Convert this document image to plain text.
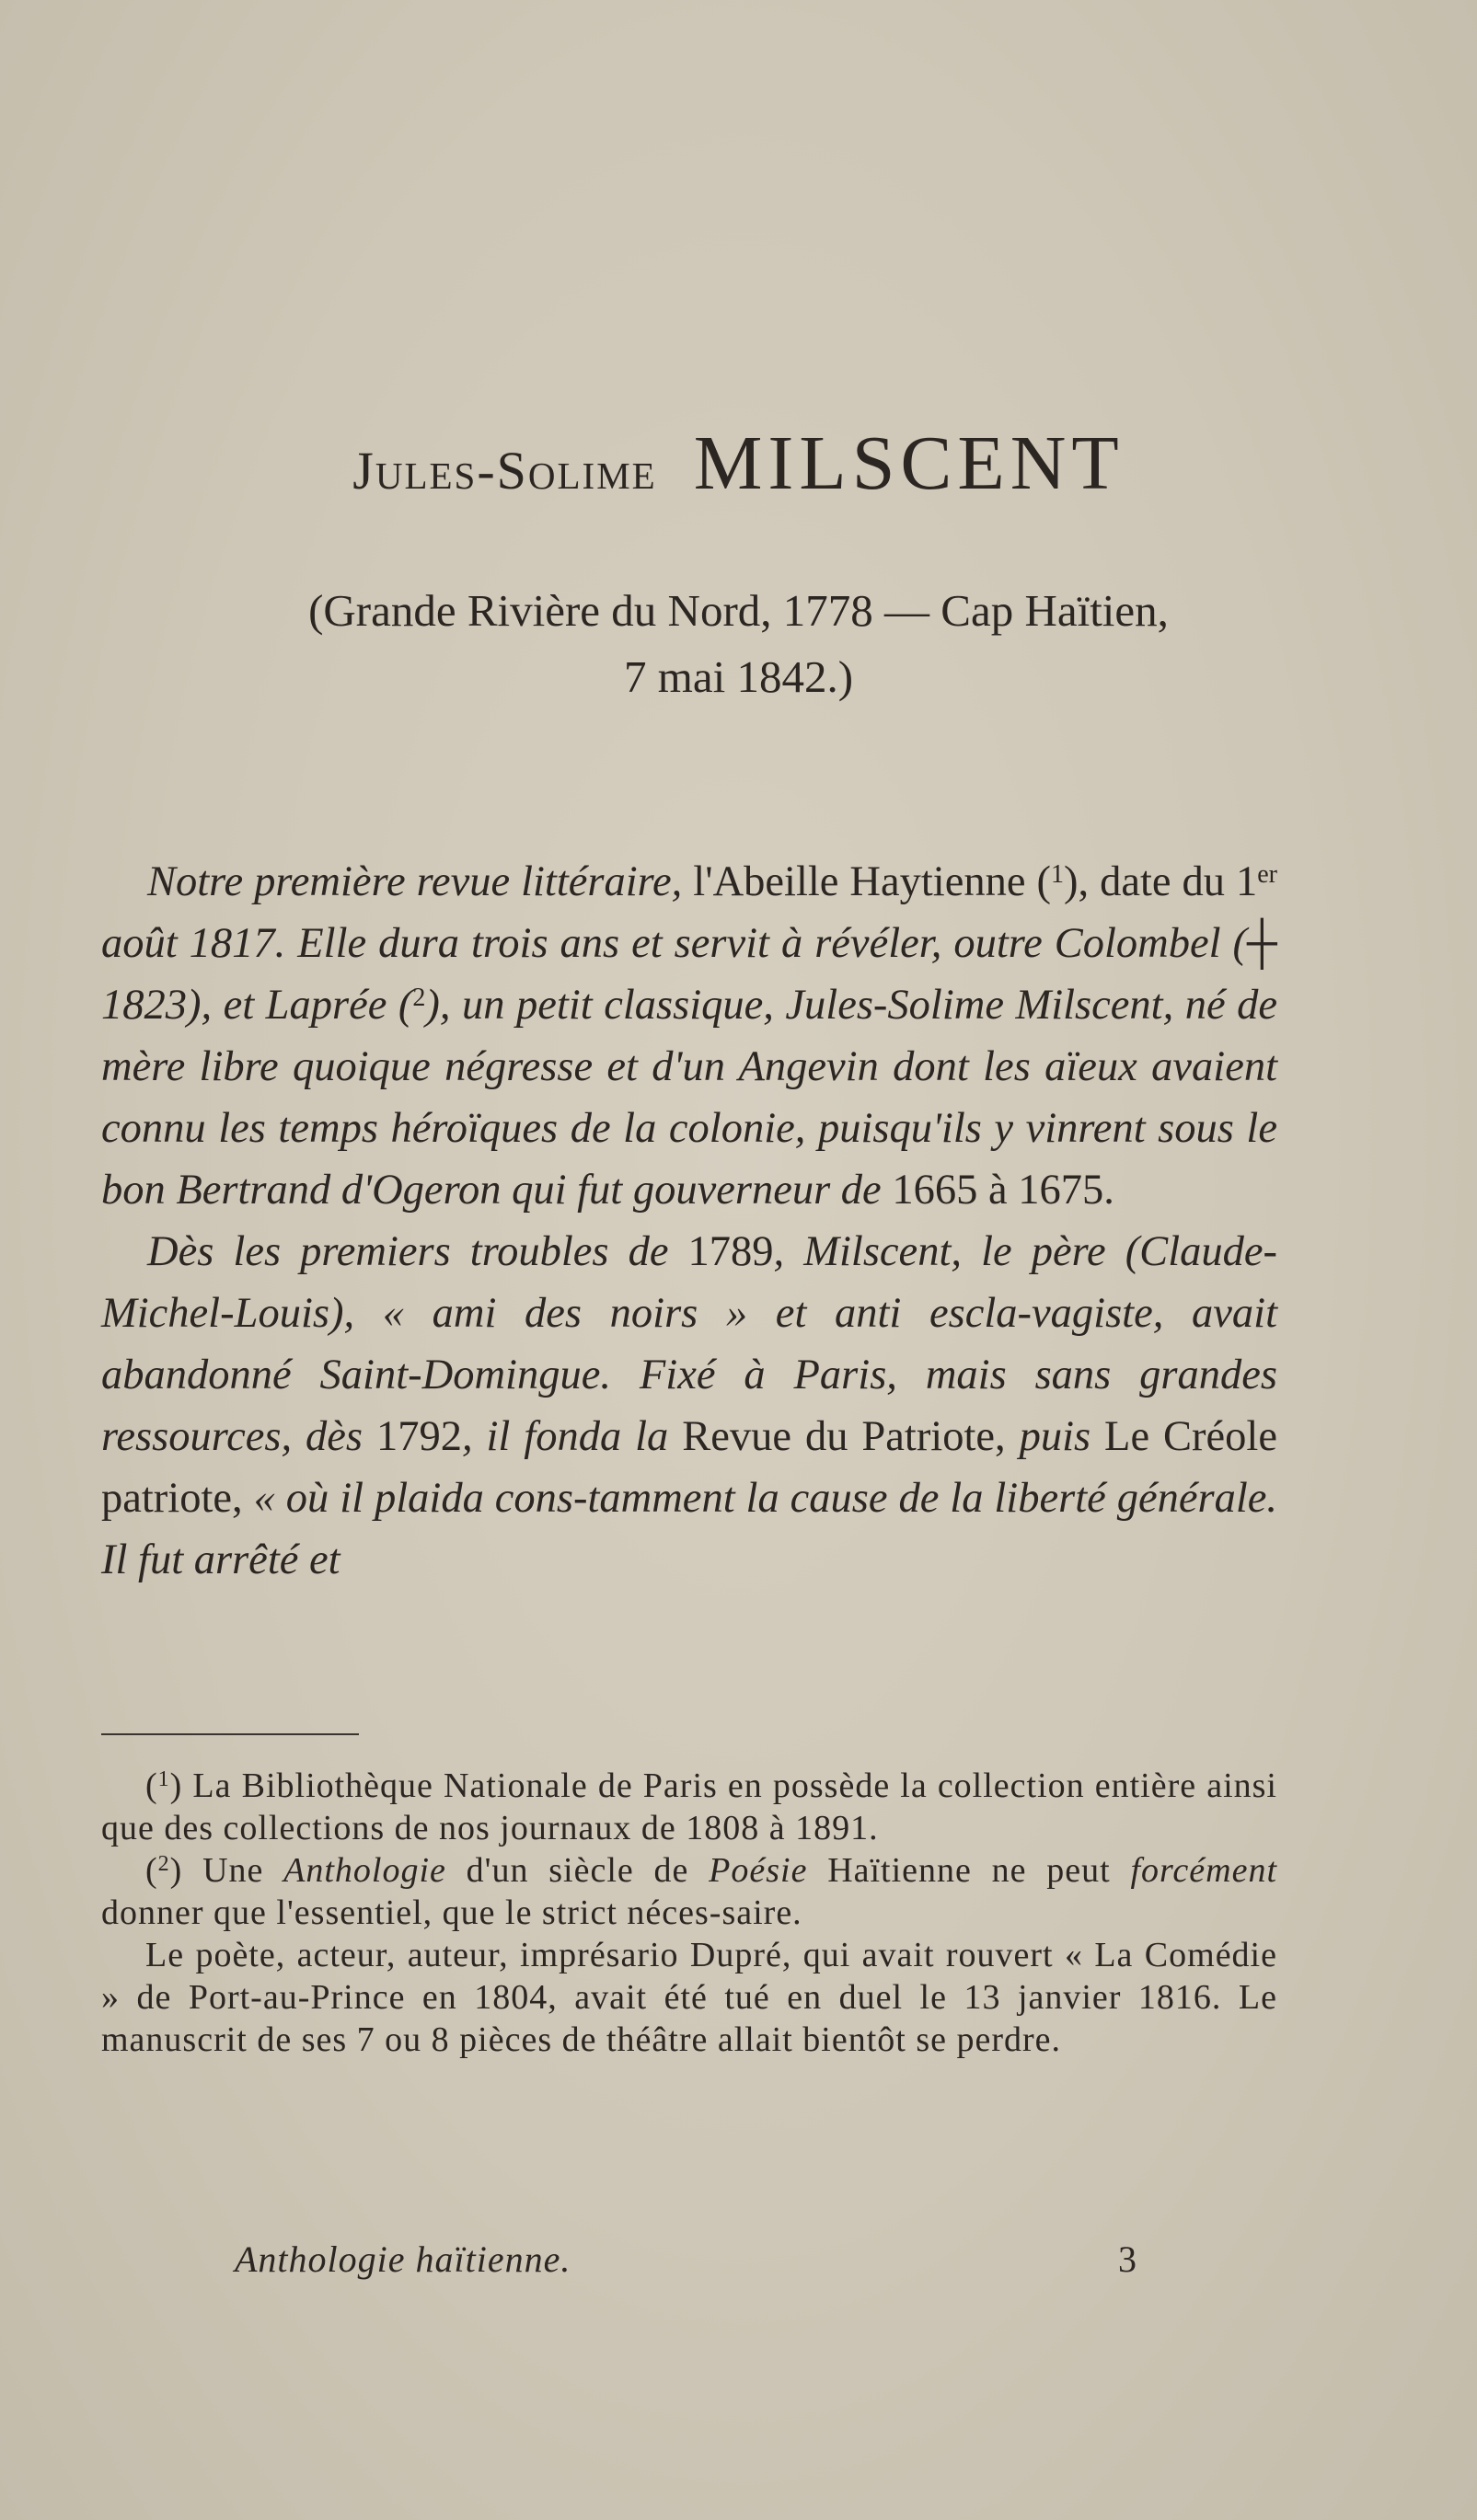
Jules-Solime MILSCENT
(Grande Rivière du Nord, 1778 — Cap Haïtien,
7 mai 1842.)

Notre première revue littéraire, l'Abeille Haytienne ($^1$), date du 1er août 1817. Elle dura trois ans et servit à révéler, outre Colombel (┼ 1823), et Laprée ($^2$), un petit classique, Jules-Solime Milscent, né de mère libre quoique négresse et d'un Angevin dont les aïeux avaient connu les temps héroïques de la colonie, puisqu'ils y vinrent sous le bon Bertrand d'Ogeron qui fut gouverneur de 1665 à 1675.

Dès les premiers troubles de 1789, Milscent, le père (Claude-Michel-Louis), « ami des noirs » et anti escla-vagiste, avait abandonné Saint-Domingue. Fixé à Paris, mais sans grandes ressources, dès 1792, il fonda la Revue du Patriote, puis Le Créole patriote, « où il plaida cons-tamment la cause de la liberté générale. Il fut arrêté et

($^1$) La Bibliothèque Nationale de Paris en possède la collection entière ainsi que des collections de nos journaux de 1808 à 1891.

($^2$) Une Anthologie d'un siècle de Poésie Haïtienne ne peut forcément donner que l'essentiel, que le strict néces-saire.

Le poète, acteur, auteur, imprésario Dupré, qui avait rouvert « La Comédie » de Port-au-Prince en 1804, avait été tué en duel le 13 janvier 1816. Le manuscrit de ses 7 ou 8 pièces de théâtre allait bientôt se perdre.

Anthologie haïtienne.	3
